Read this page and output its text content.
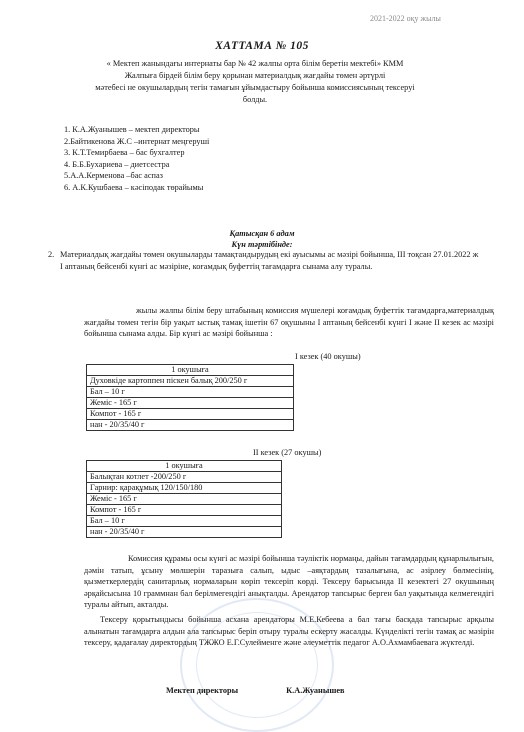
2021-2022 оқу жылы
ХАТТАМА № 105
« Мектеп жанындағы интернаты бар № 42 жалпы орта білім беретін мектебі» КММ
Жалпыға бірдей білім беру қорынан материалдық жағдайы төмен әртүрлі
мәтебесі не окушылардың тегін тамағын ұйымдастыру бойынша комиссиясының тексеруі
болды.
1. К.А.Жуанышев – мектеп директоры
2.Байтикенова Ж.С –интернат меңгерушi
3. К.Т.Темирбаева – бас бухгалтер
4. Б.Б.Бухариева – диетсестра
5.А.А.Керменова –бас аспаз
6. А.К.Кушбаева – кәсіподак төрайымы
Қатысқан 6 адам
Күн тәртібінде:
2. Материалдық жағдайы төмен окушыларды тамақтандырудың екі ауысымы ас мәзірі бойынша, III тоқсан 27.01.2022 ж I аптаның бейсенбі күнгі ас мәзіріне, коғамдық буфеттің тағамдарға сынама алу туралы.
жылы жалпы білім беру штабының комиссия мүшелері коғамдық буфеттік тағамдарға,материалдық жағдайы төмен тегін бір уақыт ыстық тамақ ішетін 67 оқушыны I аптаның бейсенбі күнгі I және II кезек ас мәзірі бойынша сынама алды. Бір күнгі ас мәзірі бойынша :
I кезек (40 окушы)
1 окушыға
Духовкіде картоппен піскен балық 200/250 г
Бал – 10 г
Жеміс - 165 г
Компот - 165 г
нан - 20/35/40 г
II кезек (27 окушы)
1 окушыға
Балықтан котлет -200/250 г
Гарнир: қарақұмық 120/150/180
Жеміс - 165 г
Компот - 165 г
Бал – 10 г
нан - 20/35/40 г
Комиссия құрамы осы күнгі ас мәзірі бойынша тәуліктік нормаңы, дайын тағамдардың құнарлылығын, дәмін татып, ұсыну мөлшерін таразыға салып, ыдыс –аяқтардың тазалығына, ас әзірлеу бөлмесінің, қызметкерлердің санитарлық нормаларын көріп тексеріп көрді. Тексеру барысында II кезектегі 27 окушының әрқайсысына 10 граммнан бал берілмегендігі анықталды. Арендатор тапсырыс берген бал уақытында келмегендігі туралы айтып, акталды.
Тексеру қорытындысы бойынша асхана арендаторы М.Е.Кебеева а бал тағы басқада тапсырыс арқылы алынатын тағамдарға алдын ала тапсырыс беріп отыру туралы ескерту жасалды. Күнделікті тегін тамақ ас мәзірін тексеру, қадағалау директордың ТЖЖО Е.Г.Сулейменге және әлеуметтік педагог А.О.Ахмамбаевага жүктелді.
Мектеп директоры	К.А.Жуанышев
